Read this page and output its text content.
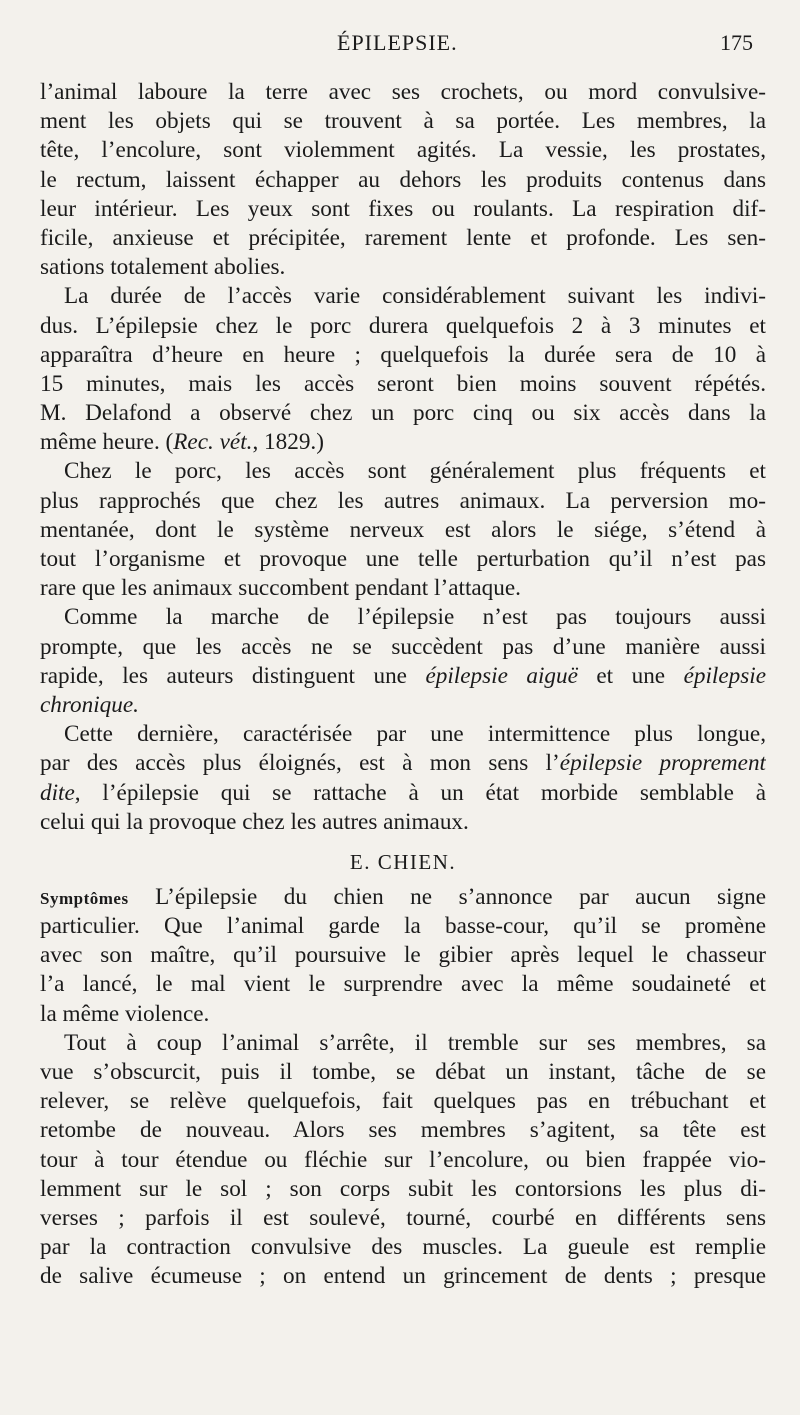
ÉPILEPSIE.	175
l’animal laboure la terre avec ses crochets, ou mord convulsive-
ment les objets qui se trouvent à sa portée. Les membres, la
tête, l’encolure, sont violemment agités. La vessie, les prostates,
le rectum, laissent échapper au dehors les produits contenus dans
leur intérieur. Les yeux sont fixes ou roulants. La respiration dif-
ficile, anxieuse et précipitée, rarement lente et profonde. Les sen-
sations totalement abolies.
La durée de l’accès varie considérablement suivant les indivi-
dus. L’épilepsie chez le porc durera quelquefois 2 à 3 minutes et
apparaîtra d’heure en heure ; quelquefois la durée sera de 10 à
15 minutes, mais les accès seront bien moins souvent répétés.
M. Delafond a observé chez un porc cinq ou six accès dans la
même heure. (Rec. vét., 1829.)
Chez le porc, les accès sont généralement plus fréquents et
plus rapprochés que chez les autres animaux. La perversion mo-
mentanée, dont le système nerveux est alors le siége, s’étend à
tout l’organisme et provoque une telle perturbation qu’il n’est pas
rare que les animaux succombent pendant l’attaque.
Comme la marche de l’épilepsie n’est pas toujours aussi
prompte, que les accès ne se succèdent pas d’une manière aussi
rapide, les auteurs distinguent une épilepsie aiguë et une épilepsie
chronique.
Cette dernière, caractérisée par une intermittence plus longue,
par des accès plus éloignés, est à mon sens l’épilepsie proprement
dite, l’épilepsie qui se rattache à un état morbide semblable à
celui qui la provoque chez les autres animaux.
E. CHIEN.
Symptômes L’épilepsie du chien ne s’annonce par aucun signe
particulier. Que l’animal garde la basse-cour, qu’il se promène
avec son maître, qu’il poursuive le gibier après lequel le chasseur
l’a lancé, le mal vient le surprendre avec la même soudaineté et
la même violence.
Tout à coup l’animal s’arrête, il tremble sur ses membres, sa
vue s’obscurcit, puis il tombe, se débat un instant, tâche de se
relever, se relève quelquefois, fait quelques pas en trébuchant et
retombe de nouveau. Alors ses membres s’agitent, sa tête est
tour à tour étendue ou fléchie sur l’encolure, ou bien frappée vio-
lemment sur le sol ; son corps subit les contorsions les plus di-
verses ; parfois il est soulevé, tourné, courbé en différents sens
par la contraction convulsive des muscles. La gueule est remplie
de salive écumeuse ; on entend un grincement de dents ; presque
